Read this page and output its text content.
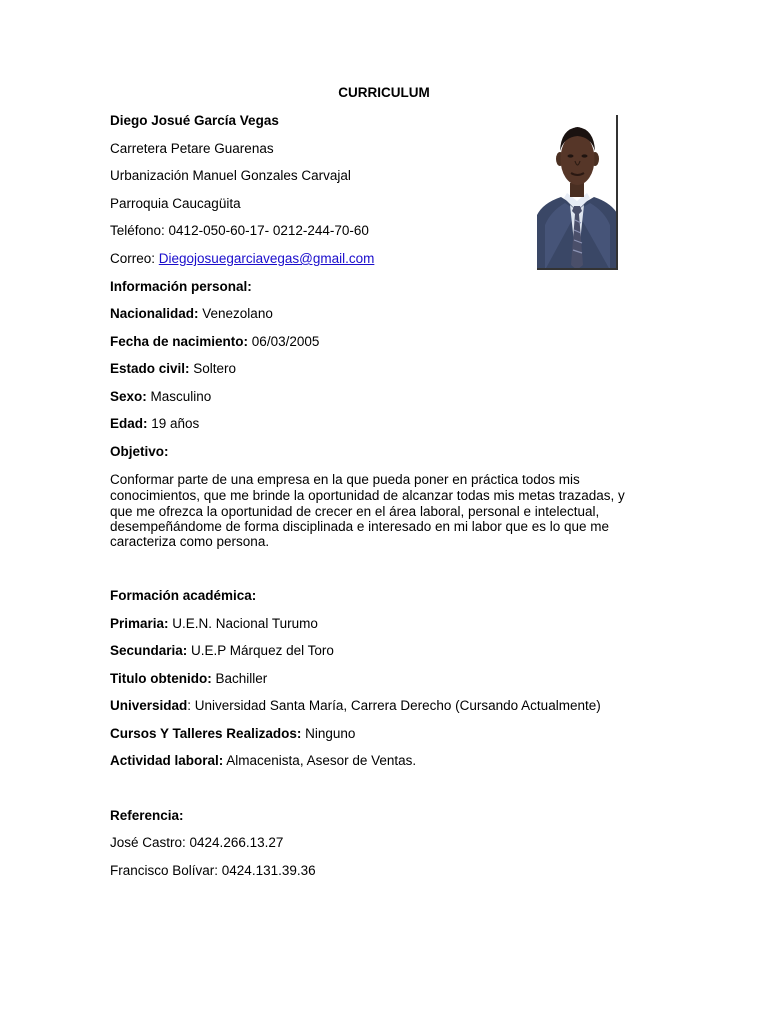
CURRICULUM
Diego Josué García Vegas
Carretera Petare Guarenas
Urbanización Manuel Gonzales Carvajal
Parroquia Caucagüita
Teléfono: 0412-050-60-17- 0212-244-70-60
Correo: Diegojosuegarciavegas@gmail.com
Información personal:
Nacionalidad: Venezolano
Fecha de nacimiento: 06/03/2005
Estado civil: Soltero
Sexo: Masculino
Edad: 19 años
Objetivo:
Conformar parte de una empresa en la que pueda poner en práctica todos mis
conocimientos, que me brinde la oportunidad de alcanzar todas mis metas trazadas, y
que me ofrezca la oportunidad de crecer en el área laboral, personal e intelectual,
desempeñándome de forma disciplinada e interesado en mi labor que es lo que me
caracteriza como persona.
Formación académica:
Primaria: U.E.N. Nacional Turumo
Secundaria: U.E.P Márquez del Toro
Titulo obtenido: Bachiller
Universidad: Universidad Santa María, Carrera Derecho (Cursando Actualmente)
Cursos Y Talleres Realizados: Ninguno
Actividad laboral: Almacenista, Asesor de Ventas.
Referencia:
José Castro: 0424.266.13.27
Francisco Bolívar: 0424.131.39.36
